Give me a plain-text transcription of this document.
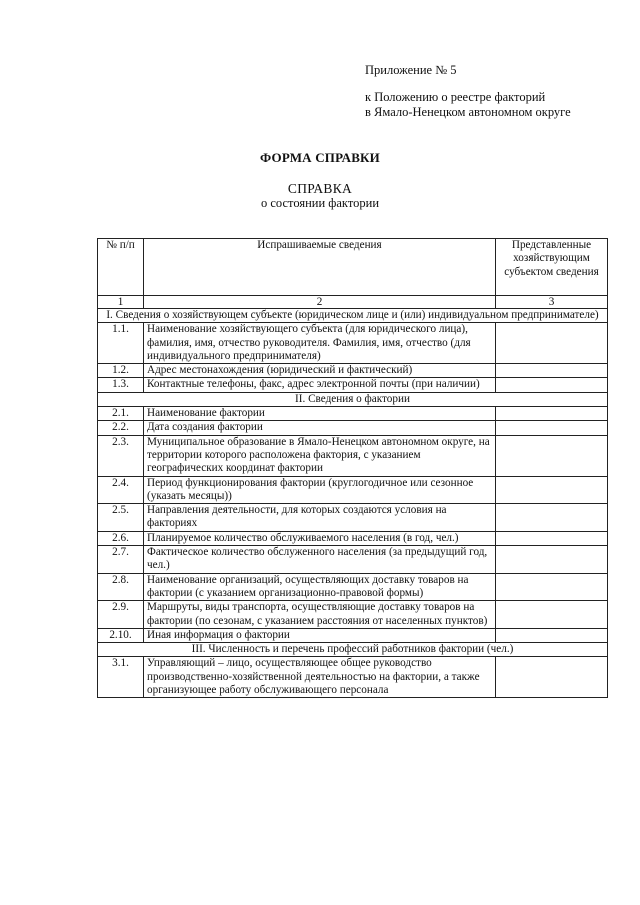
Приложение № 5
к Положению о реестре факторий
в Ямало-Ненецком автономном округе
ФОРМА СПРАВКИ
СПРАВКА
о состоянии фактории
№ п/п	Испрашиваемые сведения	Представленные хозяйствующим субъектом сведения
1	2	3
I. Сведения о хозяйствующем субъекте (юридическом лице и (или) индивидуальном предпринимателе)		
1.1.	Наименование хозяйствующего субъекта (для юридического лица), фамилия, имя, отчество руководителя. Фамилия, имя, отчество (для индивидуального предпринимателя)	
1.2.	Адрес местонахождения (юридический и фактический)	
1.3.	Контактные телефоны, факс, адрес электронной почты (при наличии)	
II. Сведения о фактории		
2.1.	Наименование фактории	
2.2.	Дата создания фактории	
2.3.	Муниципальное образование в Ямало-Ненецком автономном округе, на территории которого расположена фактория, с указанием географических координат фактории	
2.4.	Период функционирования фактории (круглогодичное или сезонное (указать месяцы))	
2.5.	Направления деятельности, для которых создаются условия на факториях	
2.6.	Планируемое количество обслуживаемого населения (в год, чел.)	
2.7.	Фактическое количество обслуженного населения (за предыдущий год, чел.)	
2.8.	Наименование организаций, осуществляющих доставку товаров на фактории (с указанием организационно-правовой формы)	
2.9.	Маршруты, виды транспорта, осуществляющие доставку товаров на фактории (по сезонам, с указанием расстояния от населенных пунктов)	
2.10.	Иная информация о фактории	
III. Численность и перечень профессий работников фактории (чел.)		
3.1.	Управляющий – лицо, осуществляющее общее руководство производственно-хозяйственной деятельностью на фактории, а также организующее работу обслуживающего персонала	
